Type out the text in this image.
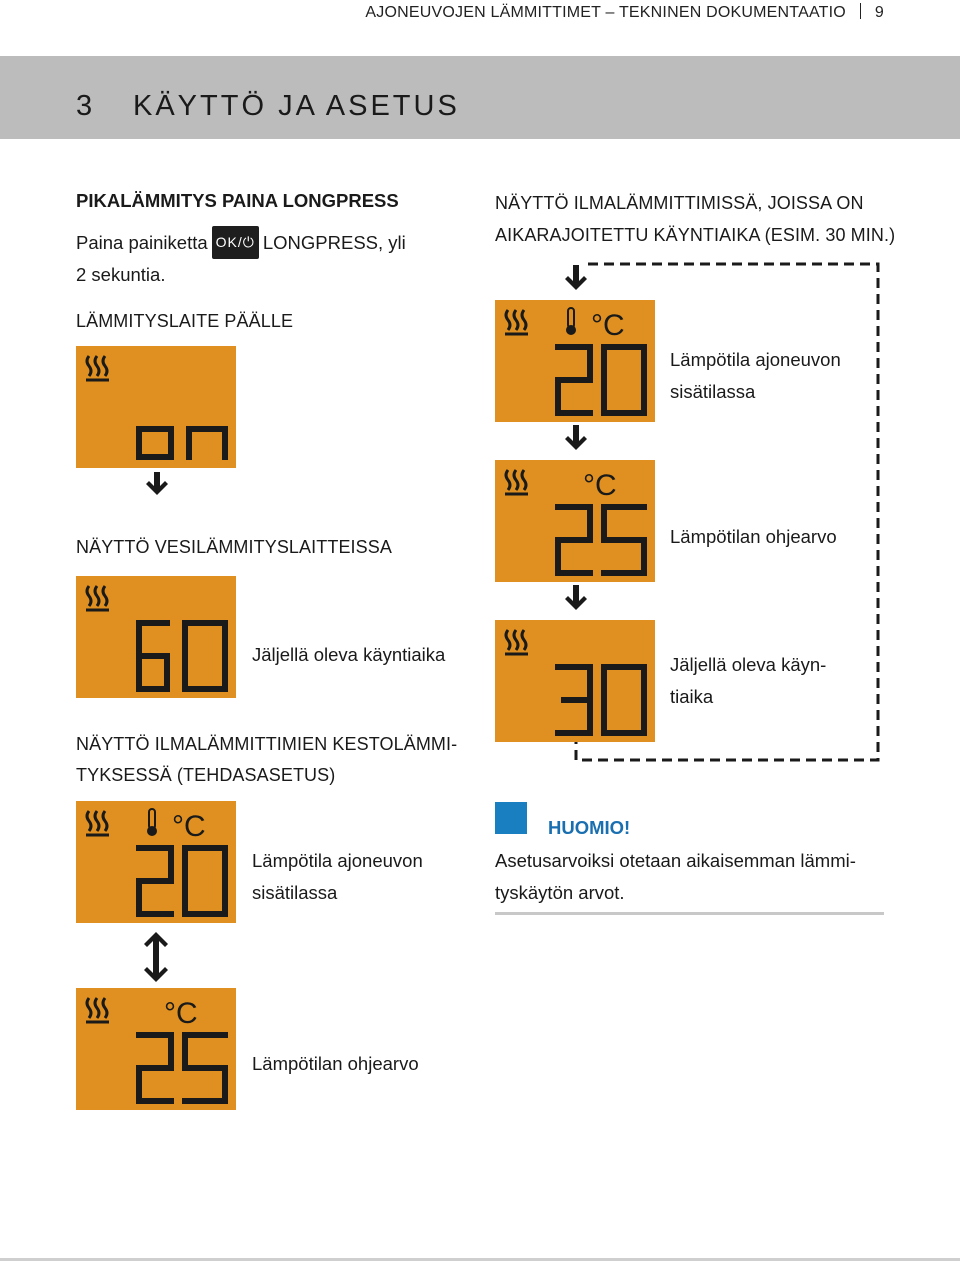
AJONEUVOJEN LÄMMITTIMET – TEKNINEN DOKUMENTAATIO 9
3 KÄYTTÖ JA ASETUS
PIKALÄMMITYS PAINA LONGPRESS
Paina painiketta OK/⏻ LONGPRESS, yli
2 sekuntia.
LÄMMITYSLAITE PÄÄLLE
NÄYTTÖ VESILÄMMITYSLAITTEISSA
Jäljellä oleva käyntiaika
NÄYTTÖ ILMALÄMMITTIMIEN KESTOLÄMMI-
TYKSESSÄ (TEHDASASETUS)
°C
Lämpötila ajoneuvon
sisätilassa
°C
Lämpötilan ohjearvo
NÄYTTÖ ILMALÄMMITTIMISSÄ, JOISSA ON
AIKARAJOITETTU KÄYNTIAIKA (ESIM. 30 MIN.)
°C
Lämpötila ajoneuvon
sisätilassa
°C
Lämpötilan ohjearvo
Jäljellä oleva käyn-
tiaika
HUOMIO!
Asetusarvoiksi otetaan aikaisemman lämmi-
tyskäytön arvot.
